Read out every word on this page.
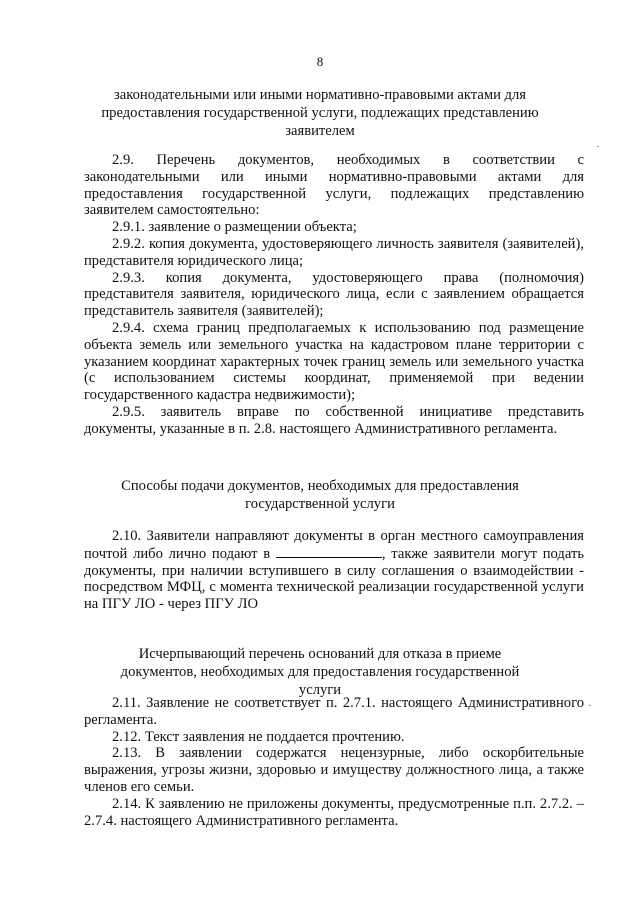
8
законодательными или иными нормативно-правовыми актами для предоставления государственной услуги, подлежащих представлению заявителем

2.9. Перечень документов, необходимых в соответствии с законодательными или иными нормативно-правовыми актами для предоставления государственной услуги, подлежащих представлению заявителем самостоятельно:

2.9.1. заявление о размещении объекта;

2.9.2. копия документа, удостоверяющего личность заявителя (заявителей), представителя юридического лица;

2.9.3. копия документа, удостоверяющего права (полномочия) представителя заявителя, юридического лица, если с заявлением обращается представитель заявителя (заявителей);

2.9.4. схема границ предполагаемых к использованию под размещение объекта земель или земельного участка на кадастровом плане территории с указанием координат характерных точек границ земель или земельного участка (с использованием системы координат, применяемой при ведении государственного кадастра недвижимости);

2.9.5. заявитель вправе по собственной инициативе представить документы, указанные в п. 2.8. настоящего Административного регламента.

Способы подачи документов, необходимых для предоставления государственной услуги

2.10. Заявители направляют документы в орган местного самоуправления почтой либо лично подают в	, также заявители могут подать документы, при наличии вступившего в силу соглашения о взаимодействии - посредством МФЦ, с момента технической реализации государственной услуги на ПГУ ЛО - через ПГУ ЛО

Исчерпывающий перечень оснований для отказа в приеме документов, необходимых для предоставления государственной услуги

2.11. Заявление не соответствует п. 2.7.1. настоящего Административного регламента.

2.12. Текст заявления не поддается прочтению.

2.13. В заявлении содержатся нецензурные, либо оскорбительные выражения, угрозы жизни, здоровью и имуществу должностного лица, а также членов его семьи.

2.14. К заявлению не приложены документы, предусмотренные п.п. 2.7.2. – 2.7.4. настоящего Административного регламента.

·
·
